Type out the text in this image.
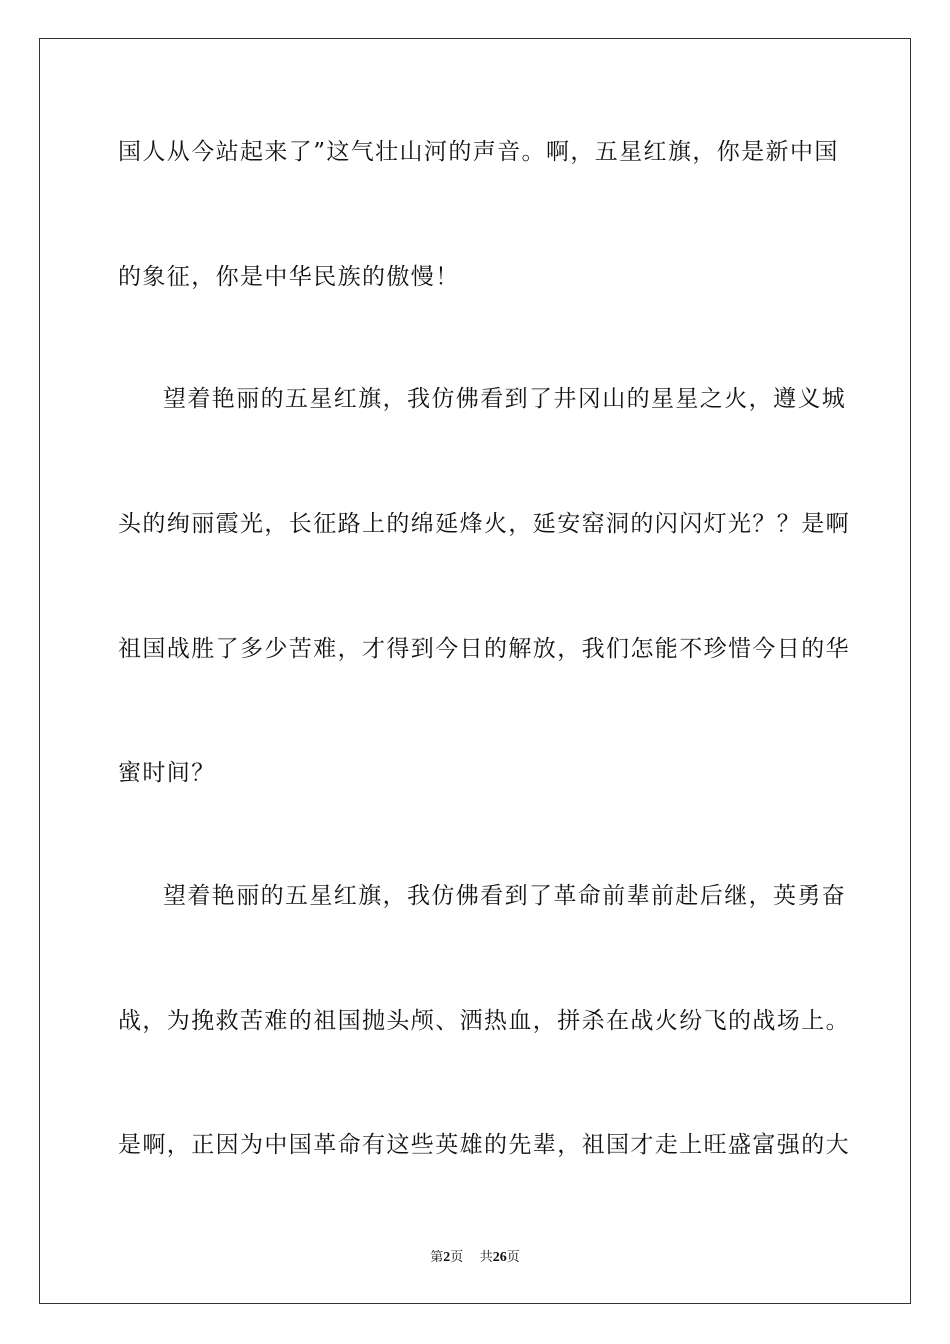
国人从今站起来了”这气壮山河的声音。啊，五星红旗，你是新中国

的象征，你是中华民族的傲慢！

望着艳丽的五星红旗，我仿佛看到了井冈山的星星之火，遵义城

头的绚丽霞光，长征路上的绵延烽火，延安窑洞的闪闪灯光？？是啊

祖国战胜了多少苦难，才得到今日的解放，我们怎能不珍惜今日的华

蜜时间？

望着艳丽的五星红旗，我仿佛看到了革命前辈前赴后继，英勇奋

战，为挽救苦难的祖国抛头颅、洒热血，拼杀在战火纷飞的战场上。

是啊，正因为中国革命有这些英雄的先辈，祖国才走上旺盛富强的大

第2页 共26页
